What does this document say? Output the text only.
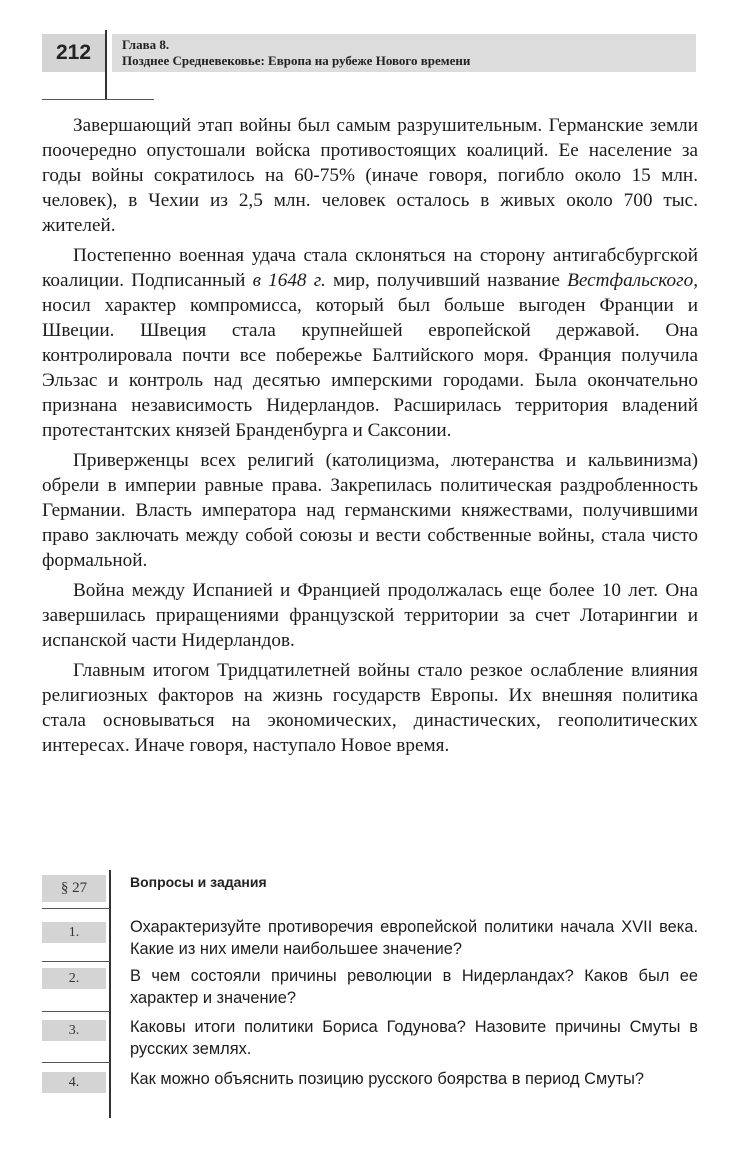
212	Глава 8.
Позднее Средневековье: Европа на рубеже Нового времени

Завершающий этап войны был самым разрушительным. Германские земли поочередно опустошали войска противостоящих коалиций. Ее население за годы войны сократилось на 60-75% (иначе говоря, погибло около 15 млн. человек), в Чехии из 2,5 млн. человек осталось в живых около 700 тыс. жителей.

Постепенно военная удача стала склоняться на сторону антигабсбургской коалиции. Подписанный в 1648 г. мир, получивший название Вестфальского, носил характер компромисса, который был больше выгоден Франции и Швеции. Швеция стала крупнейшей европейской державой. Она контролировала почти все побережье Балтийского моря. Франция получила Эльзас и контроль над десятью имперскими городами. Была окончательно признана независимость Нидерландов. Расширилась территория владений протестантских князей Бранденбурга и Саксонии.

Приверженцы всех религий (католицизма, лютеранства и кальвинизма) обрели в империи равные права. Закрепилась политическая раздробленность Германии. Власть императора над германскими княжествами, получившими право заключать между собой союзы и вести собственные войны, стала чисто формальной.

Война между Испанией и Францией продолжалась еще более 10 лет. Она завершилась приращениями французской территории за счет Лотарингии и испанской части Нидерландов.

Главным итогом Тридцатилетней войны стало резкое ослабление влияния религиозных факторов на жизнь государств Европы. Их внешняя политика стала основываться на экономических, династических, геополитических интересах. Иначе говоря, наступало Новое время.

§ 27	Вопросы и задания
1.	Охарактеризуйте противоречия европейской политики начала XVII века. Какие из них имели наибольшее значение?
2.	В чем состояли причины революции в Нидерландах? Каков был ее характер и значение?
3.	Каковы итоги политики Бориса Годунова? Назовите причины Смуты в русских землях.
4.	Как можно объяснить позицию русского боярства в период Смуты?
